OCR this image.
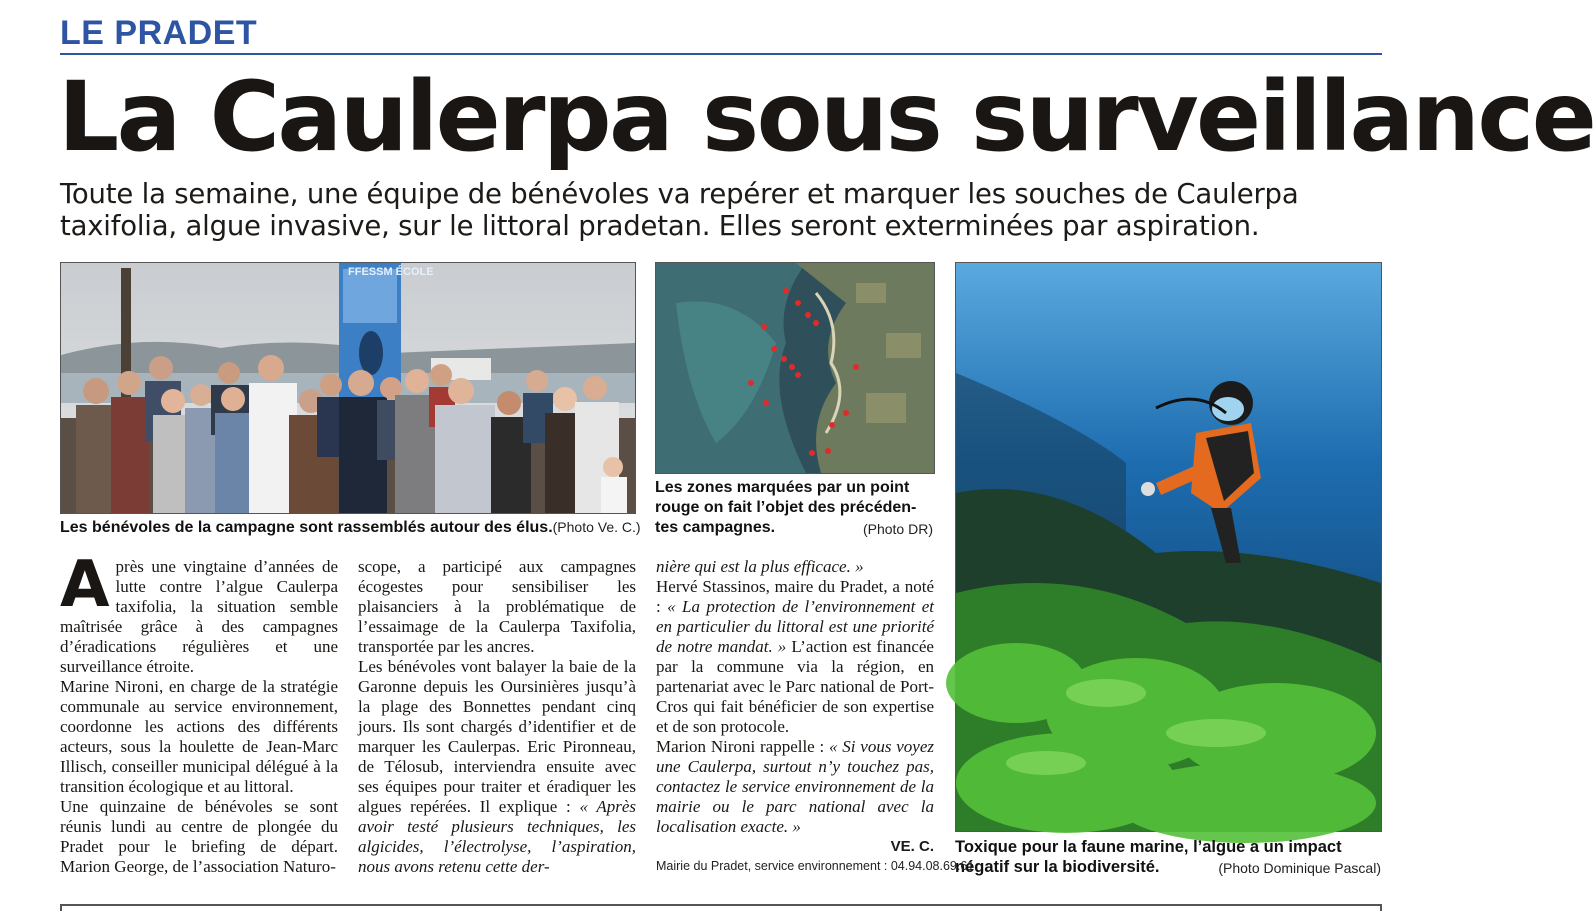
LE PRADET
La Caulerpa sous surveillance
Toute la semaine, une équipe de bénévoles va repérer et marquer les souches de Caulerpa
taxifolia, algue invasive, sur le littoral pradetan. Elles seront exterminées par aspiration.
FFESSM ÉCOLE
Les bénévoles de la campagne sont rassemblés autour des élus.(Photo Ve. C.)
Les zones marquées par un point
rouge on fait l’objet des précéden-
tes campagnes.	(Photo DR)
Toxique pour la faune marine, l’algue a un impact
négatif sur la biodiversité.	(Photo Dominique Pascal)

Après une vingtaine d’années de lutte contre l’algue Caulerpa taxifolia, la situation semble maîtrisée grâce à des campagnes d’éradications régulières et une surveillance étroite.

Marine Nironi, en charge de la stratégie communale au service environnement, coordonne les actions des différents acteurs, sous la houlette de Jean-Marc Illisch, conseiller municipal délégué à la transition écologique et au littoral.

Une quinzaine de bénévoles se sont réunis lundi au centre de plongée du Pradet pour le briefing de départ. Marion George, de l’association Naturo-

scope, a participé aux campagnes écogestes pour sensibiliser les plaisanciers à la problématique de l’essaimage de la Caulerpa Taxifolia, transportée par les ancres.

Les bénévoles vont balayer la baie de la Garonne depuis les Oursinières jusqu’à la plage des Bonnettes pendant cinq jours. Ils sont chargés d’identifier et de marquer les Caulerpas. Eric Pironneau, de Télosub, interviendra ensuite avec ses équipes pour traiter et éradiquer les algues repérées. Il explique : « Après avoir testé plusieurs techniques, les algicides, l’électrolyse, l’aspiration, nous avons retenu cette der-

nière qui est la plus efficace. »

Hervé Stassinos, maire du Pradet, a noté : « La protection de l’environnement et en particulier du littoral est une priorité de notre mandat. » L’action est financée par la commune via la région, en partenariat avec le Parc national de Port-Cros qui fait bénéficier de son expertise et de son protocole.

Marion Nironi rappelle : « Si vous voyez une Caulerpa, surtout n’y touchez pas, contactez le service environnement de la mairie ou le parc national avec la localisation exacte. »

VE. C.
Mairie du Pradet, service environnement : 04.94.08.69.61.
